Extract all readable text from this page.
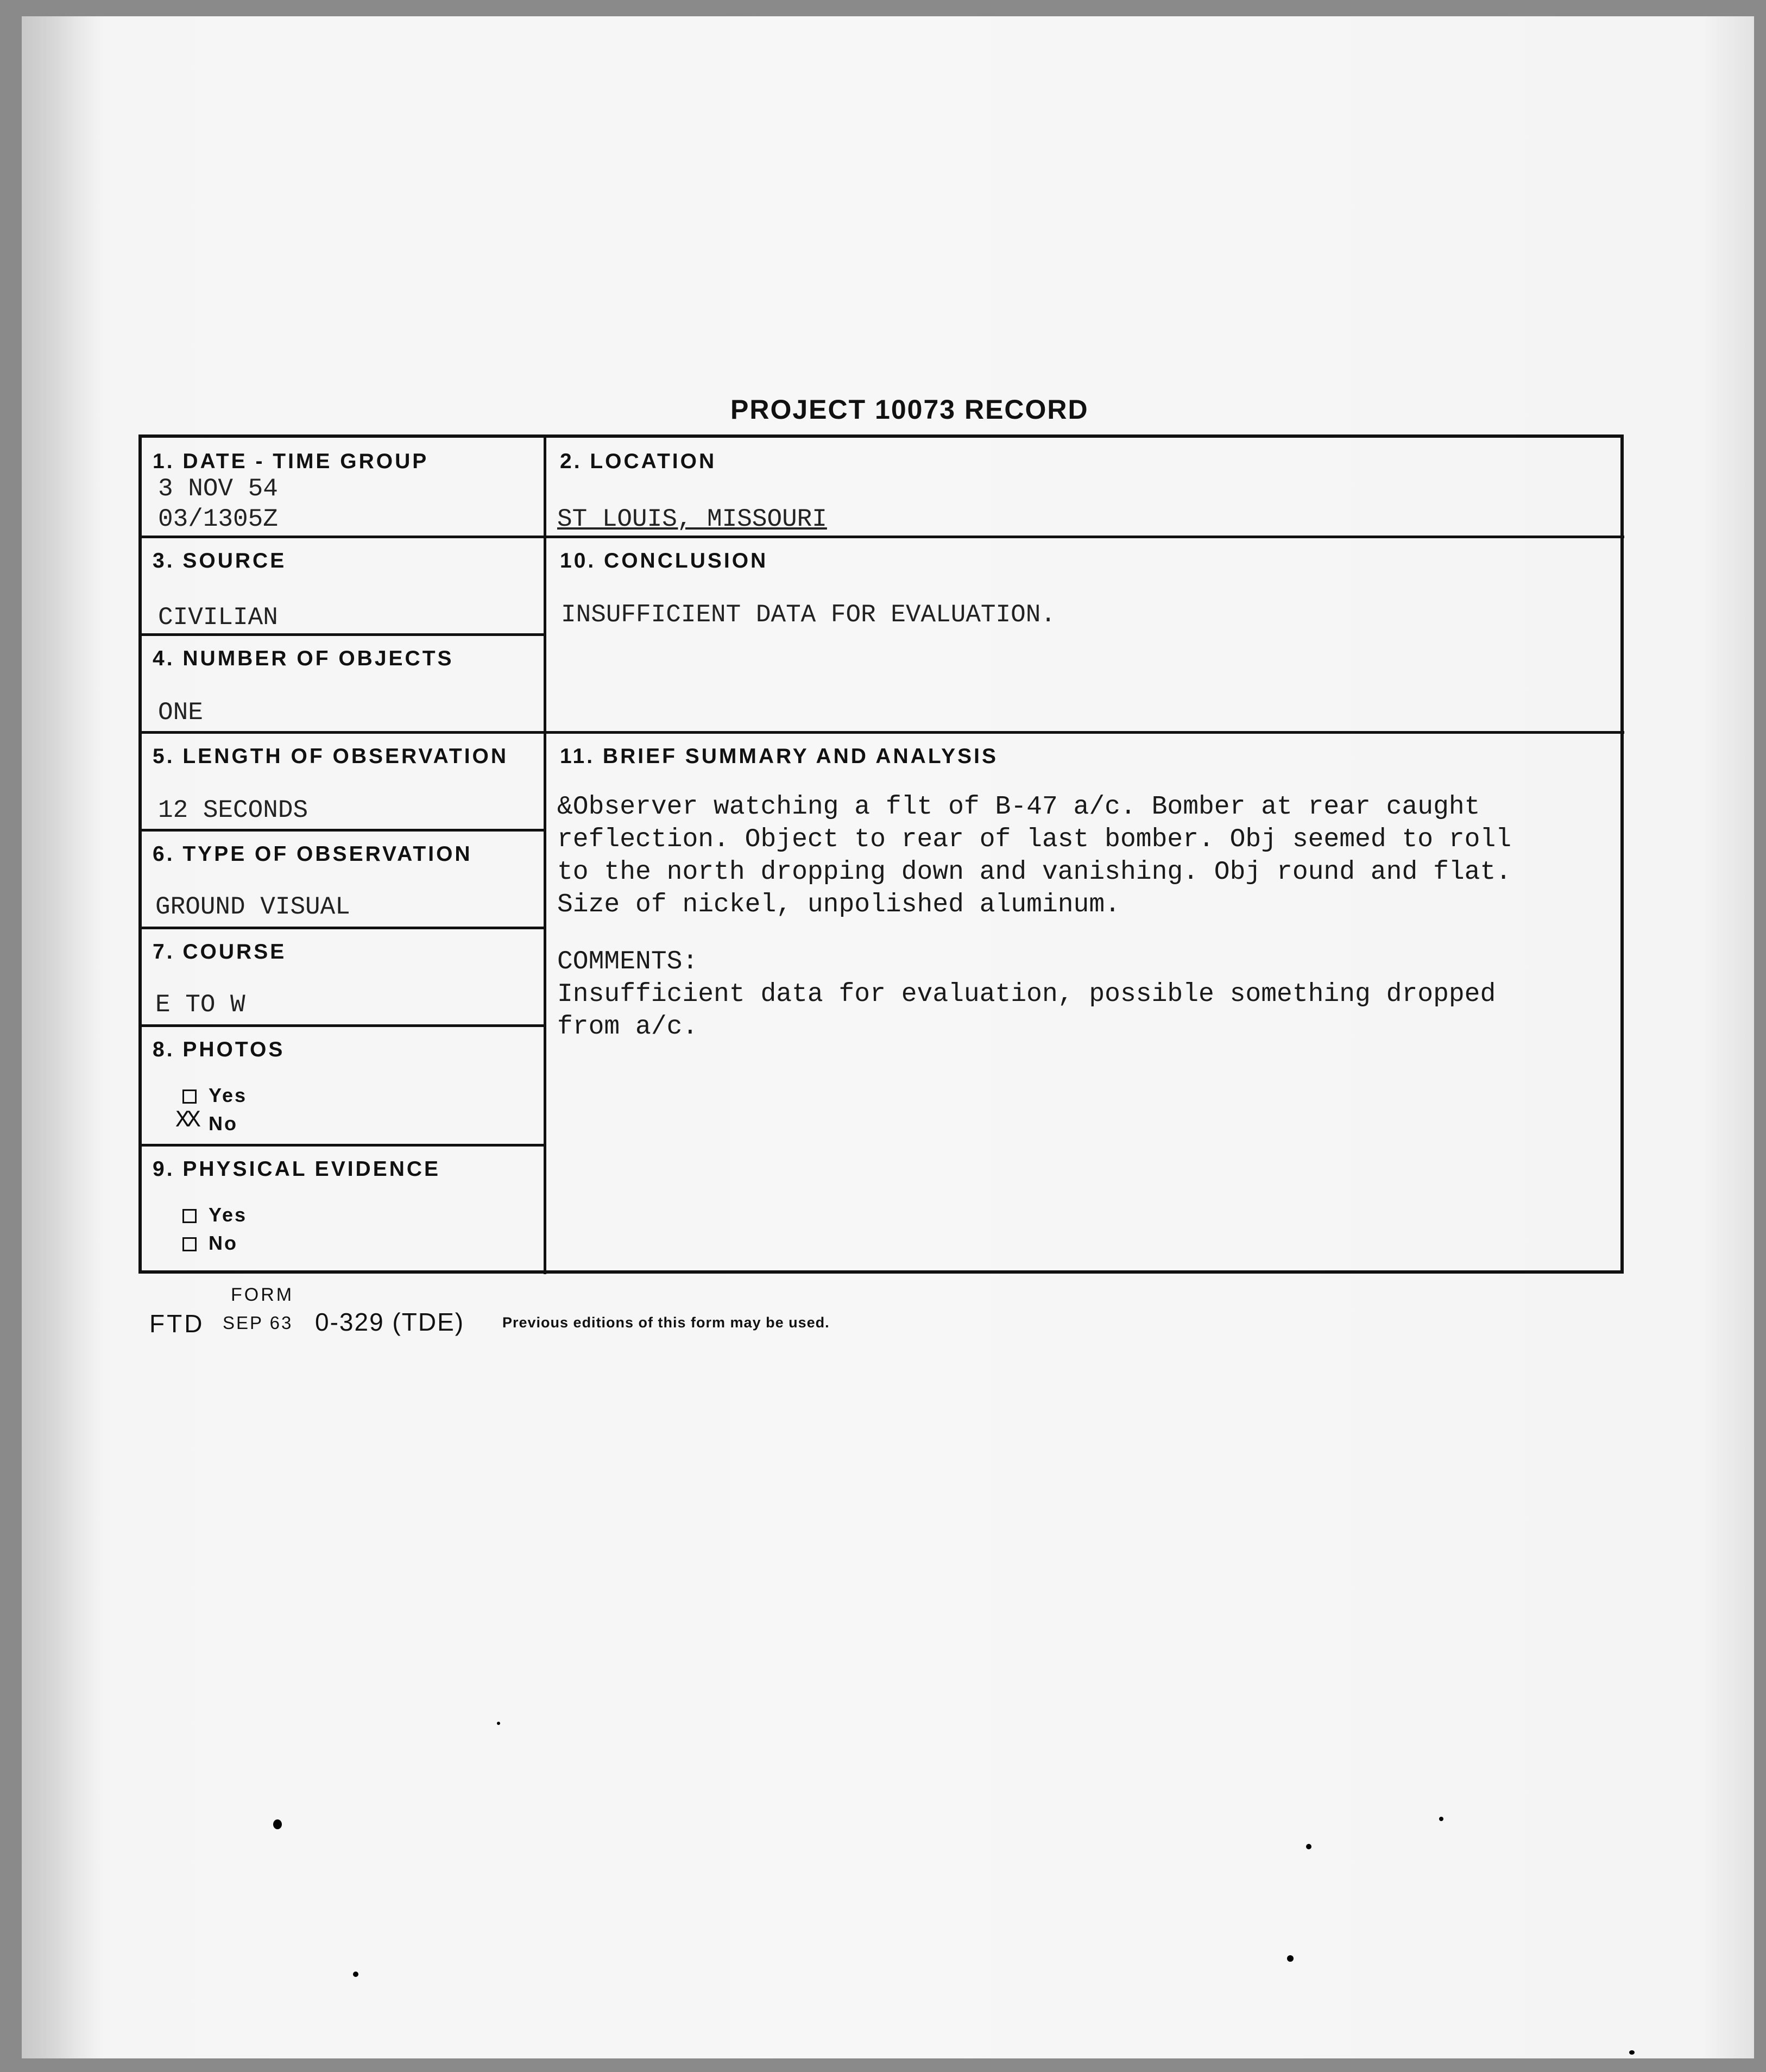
PROJECT 10073 RECORD
1. DATE - TIME GROUP
3 NOV 54
03/1305Z
2. LOCATION
ST LOUIS, MISSOURI
3. SOURCE
CIVILIAN
10. CONCLUSION
INSUFFICIENT DATA FOR EVALUATION.
4. NUMBER OF OBJECTS
ONE
5. LENGTH OF OBSERVATION
12 SECONDS
11. BRIEF SUMMARY AND ANALYSIS
&Observer watching a flt of B-47 a/c. Bomber at rear caught
reflection. Object to rear of last bomber. Obj seemed to roll
to the north dropping down and vanishing. Obj round and flat.
Size of nickel, unpolished aluminum.
COMMENTS:
Insufficient data for evaluation, possible something dropped
from a/c.
6. TYPE OF OBSERVATION
GROUND VISUAL
7. COURSE
E TO W
8. PHOTOS
Yes
No
XX
9. PHYSICAL EVIDENCE
Yes
No
FTD
FORM
SEP 63 0-329 (TDE)	Previous editions of this form may be used.
